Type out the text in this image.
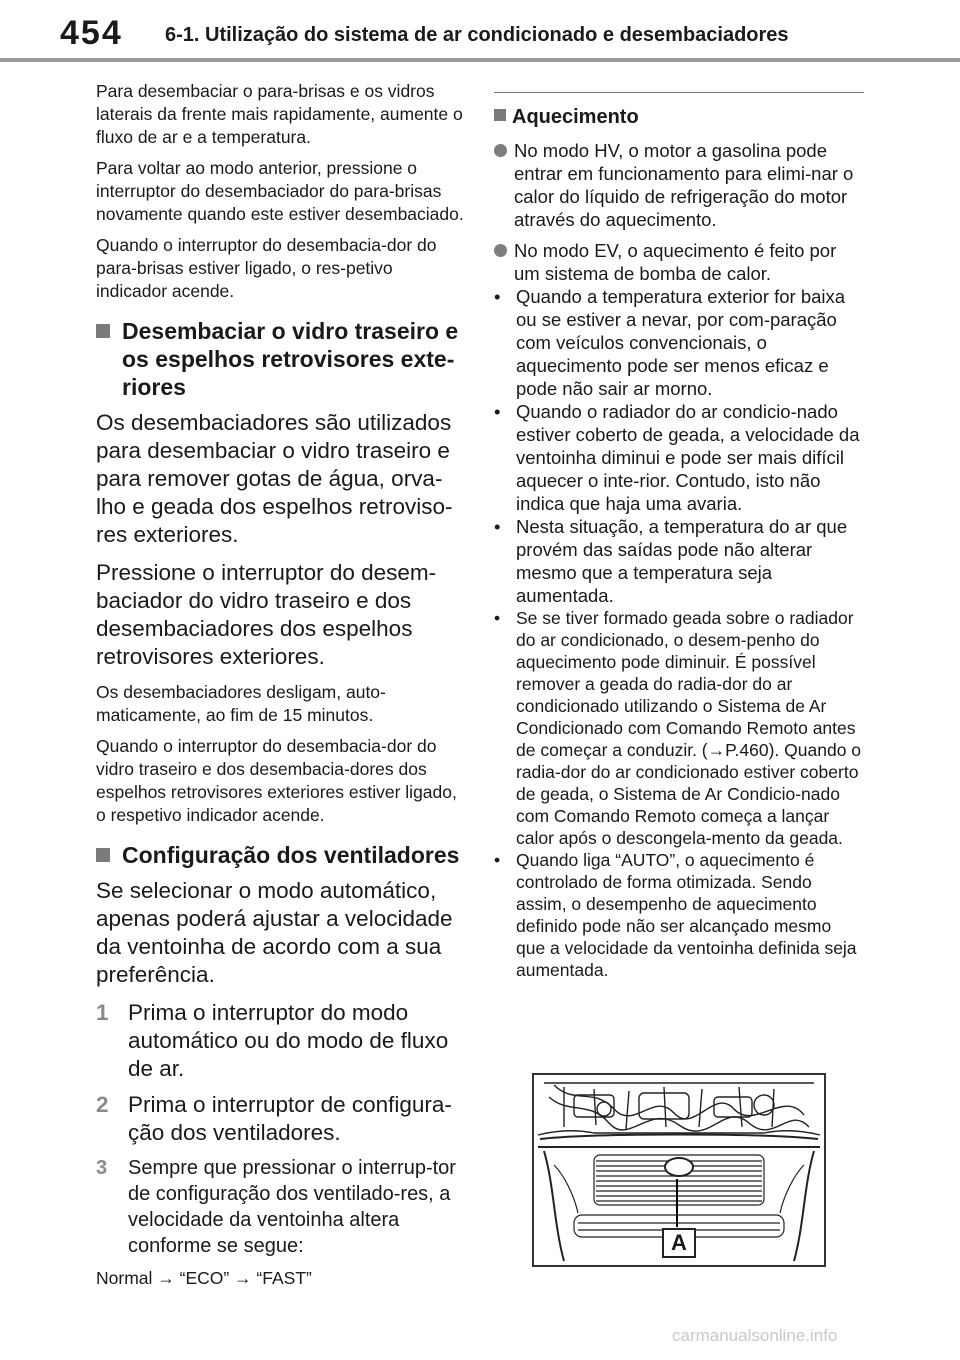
454 6-1. Utilização do sistema de ar condicionado e desembaciadores

Para desembaciar o para-brisas e os vidros laterais da frente mais rapidamente, aumente o fluxo de ar e a temperatura.

Para voltar ao modo anterior, pressione o interruptor do desembaciador do para-brisas novamente quando este estiver desembaciado.

Quando o interruptor do desembacia-dor do para-brisas estiver ligado, o res-petivo indicador acende.

Desembaciar o vidro traseiro e os espelhos retrovisores exte-riores

Os desembaciadores são utilizados para desembaciar o vidro traseiro e para remover gotas de água, orva-lho e geada dos espelhos retroviso-res exteriores.

Pressione o interruptor do desem-baciador do vidro traseiro e dos desembaciadores dos espelhos retrovisores exteriores.

Os desembaciadores desligam, auto-maticamente, ao fim de 15 minutos.

Quando o interruptor do desembacia-dor do vidro traseiro e dos desembacia-dores dos espelhos retrovisores exteriores estiver ligado, o respetivo indicador acende.

Configuração dos ventiladores

Se selecionar o modo automático, apenas poderá ajustar a velocidade da ventoinha de acordo com a sua preferência.

1 Prima o interruptor do modo automático ou do modo de fluxo de ar.
2 Prima o interruptor de configura-ção dos ventiladores.
3	Sempre que pressionar o interrup-tor de configuração dos ventilado-res, a velocidade da ventoinha altera conforme se segue:

Normal → “ECO” → “FAST”

Aquecimento
No modo HV, o motor a gasolina pode entrar em funcionamento para elimi-nar o calor do líquido de refrigeração do motor através do aquecimento.
No modo EV, o aquecimento é feito por um sistema de bomba de calor.
• Quando a temperatura exterior for baixa ou se estiver a nevar, por com-paração com veículos convencionais, o aquecimento pode ser menos eficaz e pode não sair ar morno.
• Quando o radiador do ar condicio-nado estiver coberto de geada, a velocidade da ventoinha diminui e pode ser mais difícil aquecer o inte-rior. Contudo, isto não indica que haja uma avaria.
• Nesta situação, a temperatura do ar que provém das saídas pode não alterar mesmo que a temperatura seja aumentada.
• Se se tiver formado geada sobre o radiador do ar condicionado, o desem-penho do aquecimento pode diminuir. É possível remover a geada do radia-dor do ar condicionado utilizando o Sistema de Ar Condicionado com Comando Remoto antes de começar a conduzir. (→P.460). Quando o radia-dor do ar condicionado estiver coberto de geada, o Sistema de Ar Condicio-nado com Comando Remoto começa a lançar calor após o descongela-mento da geada.
• Quando liga “AUTO”, o aquecimento é controlado de forma otimizada. Sendo assim, o desempenho de aquecimento definido pode não ser alcançado mesmo que a velocidade da ventoinha definida seja aumentada.
A
carmanualsonline.info
